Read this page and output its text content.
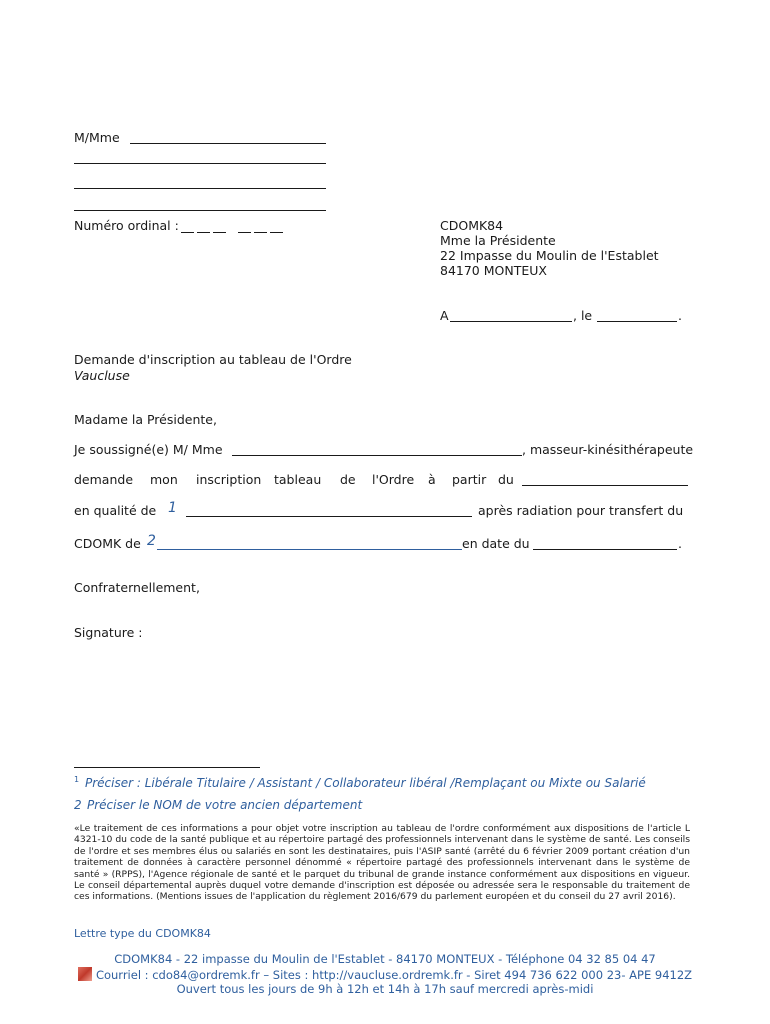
M/Mme
Numéro ordinal :	CDOMK84
Mme la Présidente
22 Impasse du Moulin de l'Establet
84170 MONTEUX
A	, le	.
Demande d'inscription au tableau de l'Ordre
Vaucluse
Madame la Présidente,
Je soussigné(e) M/ Mme	, masseur-kinésithérapeute
demande mon inscription tableau de l'Ordre à partir du
en qualité de 1	après radiation pour transfert du
CDOMK de 2	en date du	.
Confraternellement,
Signature :
1 Préciser : Libérale Titulaire / Assistant / Collaborateur libéral /Remplaçant ou Mixte ou Salarié
2 Préciser le NOM de votre ancien département
«Le traitement de ces informations a pour objet votre inscription au tableau de l'ordre conformément aux dispositions de l'article L 4321-10 du code de la santé publique et au répertoire partagé des professionnels intervenant dans le système de santé. Les conseils de l'ordre et ses membres élus ou salariés en sont les destinataires, puis l'ASIP santé (arrêté du 6 février 2009 portant création d'un traitement de données à caractère personnel dénommé « répertoire partagé des professionnels intervenant dans le système de santé » (RPPS), l'Agence régionale de santé et le parquet du tribunal de grande instance conformément aux dispositions en vigueur. Le conseil départemental auprès duquel votre demande d'inscription est déposée ou adressée sera le responsable du traitement de ces informations. (Mentions issues de l'application du règlement 2016/679 du parlement européen et du conseil du 27 avril 2016).
Lettre type du CDOMK84
CDOMK84 - 22 impasse du Moulin de l'Establet - 84170 MONTEUX - Téléphone 04 32 85 04 47
Courriel : cdo84@ordremk.fr – Sites : http://vaucluse.ordremk.fr - Siret 494 736 622 000 23- APE 9412Z
Ouvert tous les jours de 9h à 12h et 14h à 17h sauf mercredi après-midi
